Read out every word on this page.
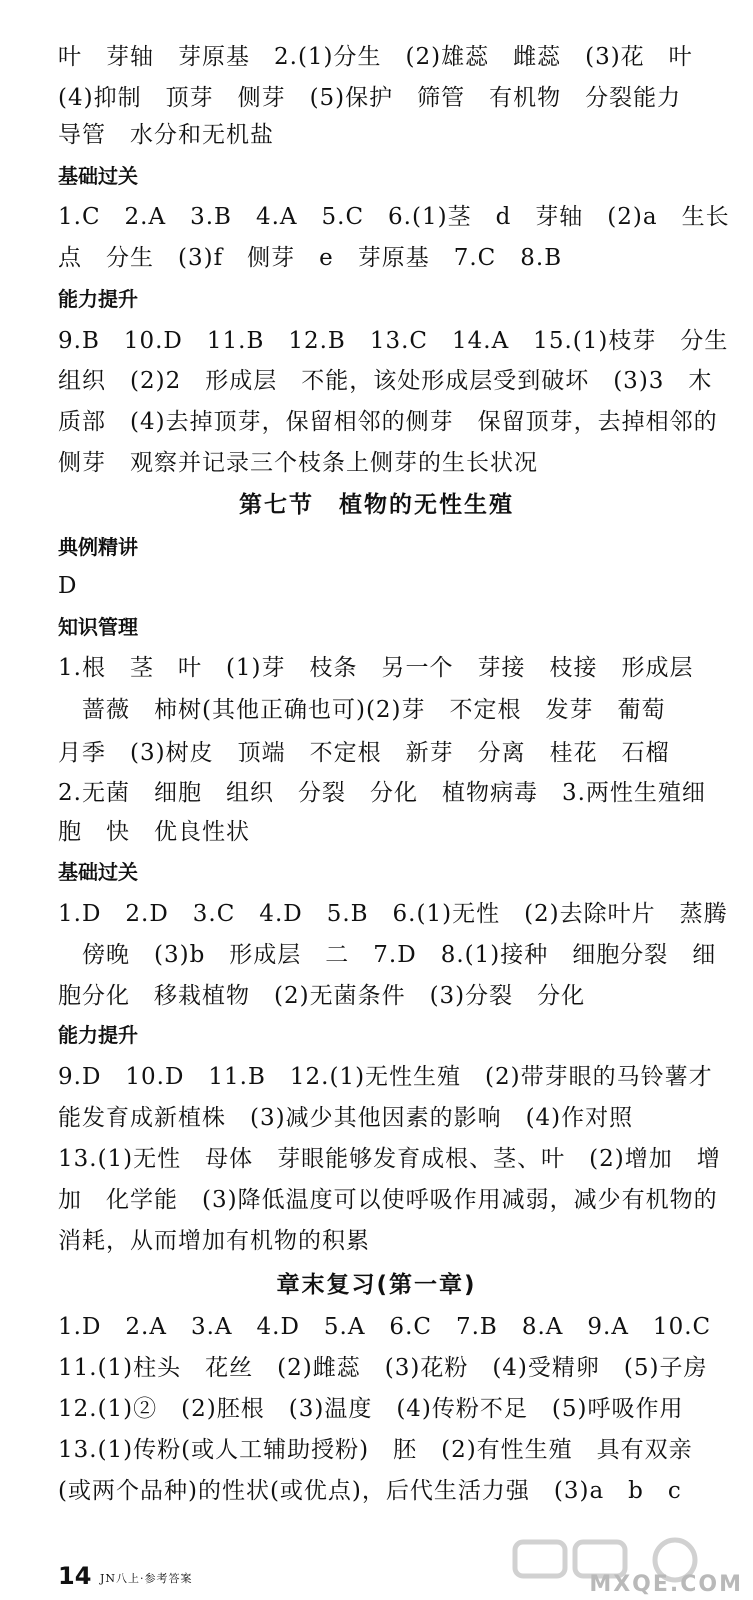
叶　芽轴　芽原基　2.(1)分生　(2)雄蕊　雌蕊　(3)花　叶
(4)抑制　顶芽　侧芽　(5)保护　筛管　有机物　分裂能力
导管　水分和无机盐
基础过关
1.C　2.A　3.B　4.A　5.C　6.(1)茎　d　芽轴　(2)a　生长
点　分生　(3)f　侧芽　e　芽原基　7.C　8.B
能力提升
9.B　10.D　11.B　12.B　13.C　14.A　15.(1)枝芽　分生
组织　(2)2　形成层　不能，该处形成层受到破坏　(3)3　木
质部　(4)去掉顶芽，保留相邻的侧芽　保留顶芽，去掉相邻的
侧芽　观察并记录三个枝条上侧芽的生长状况
第七节　植物的无性生殖
典例精讲
D
知识管理
1.根　茎　叶　(1)芽　枝条　另一个　芽接　枝接　形成层
蔷薇　柿树(其他正确也可)(2)芽　不定根　发芽　葡萄
月季　(3)树皮　顶端　不定根　新芽　分离　桂花　石榴
2.无菌　细胞　组织　分裂　分化　植物病毒　3.两性生殖细
胞　快　优良性状
基础过关
1.D　2.D　3.C　4.D　5.B　6.(1)无性　(2)去除叶片　蒸腾
傍晚　(3)b　形成层　二　7.D　8.(1)接种　细胞分裂　细
胞分化　移栽植物　(2)无菌条件　(3)分裂　分化
能力提升
9.D　10.D　11.B　12.(1)无性生殖　(2)带芽眼的马铃薯才
能发育成新植株　(3)减少其他因素的影响　(4)作对照
13.(1)无性　母体　芽眼能够发育成根、茎、叶　(2)增加　增
加　化学能　(3)降低温度可以使呼吸作用减弱，减少有机物的
消耗，从而增加有机物的积累
章末复习(第一章)
1.D　2.A　3.A　4.D　5.A　6.C　7.B　8.A　9.A　10.C
11.(1)柱头　花丝　(2)雌蕊　(3)花粉　(4)受精卵　(5)子房
12.(1)②　(2)胚根　(3)温度　(4)传粉不足　(5)呼吸作用
13.(1)传粉(或人工辅助授粉)　胚　(2)有性生殖　具有双亲
(或两个品种)的性状(或优点)，后代生活力强　(3)a　b　c
14 JN八上·参考答案	MXQE.COM
